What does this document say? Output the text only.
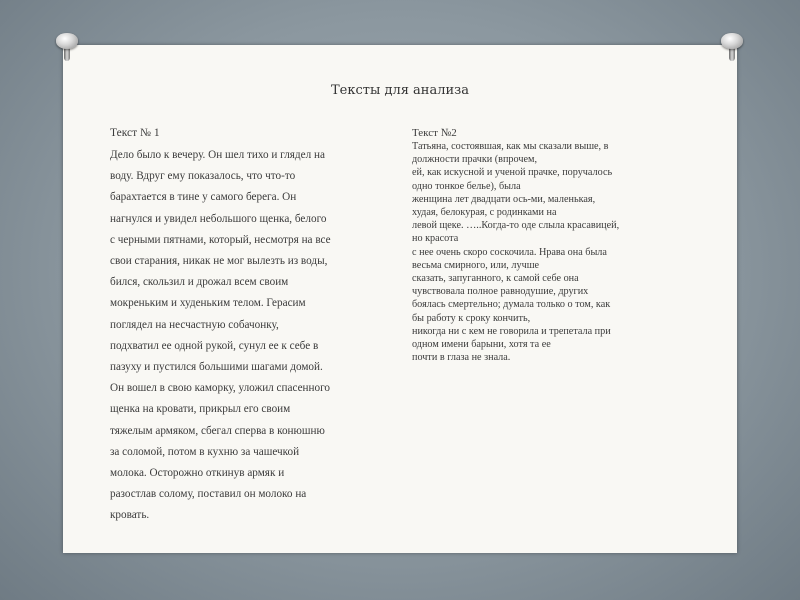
Тексты для анализа
Текст № 1
Дело было к вечеру. Он шел тихо и глядел на
воду. Вдруг ему показалось, что что-то
барахтается в тине у самого берега. Он
нагнулся и увидел небольшого щенка, белого
с черными пятнами, который, несмотря на все
свои старания, никак не мог вылезть из воды,
бился, скользил и дрожал всем своим
мокреньким и худеньким телом. Герасим
поглядел на несчастную собачонку,
подхватил ее одной рукой, сунул ее к себе в
пазуху и пустился большими шагами домой.
Он вошел в свою каморку, уложил спасенного
щенка на кровати, прикрыл его своим
тяжелым армяком, сбегал сперва в конюшню
за соломой, потом в кухню за чашечкой
молока. Осторожно откинув армяк и
разостлав солому, поставил он молоко на
кровать.
Текст №2
Татьяна, состоявшая, как мы сказали выше, в
должности прачки (впрочем,
ей, как искусной и ученой прачке, поручалось
одно тонкое белье), была
женщина лет двадцати ось-ми, маленькая,
худая, белокурая, с родинками на
левой щеке. …..Когда-то оде слыла красавицей,
но красота
с нее очень скоро соскочила. Нрава она была
весьма смирного, или, лучше
сказать, запуганного, к самой себе она
чувствовала полное равнодушие, других
боялась смертельно; думала только о том, как
бы работу к сроку кончить,
никогда ни с кем не говорила и трепетала при
одном имени барыни, хотя та ее
почти в глаза не знала.
